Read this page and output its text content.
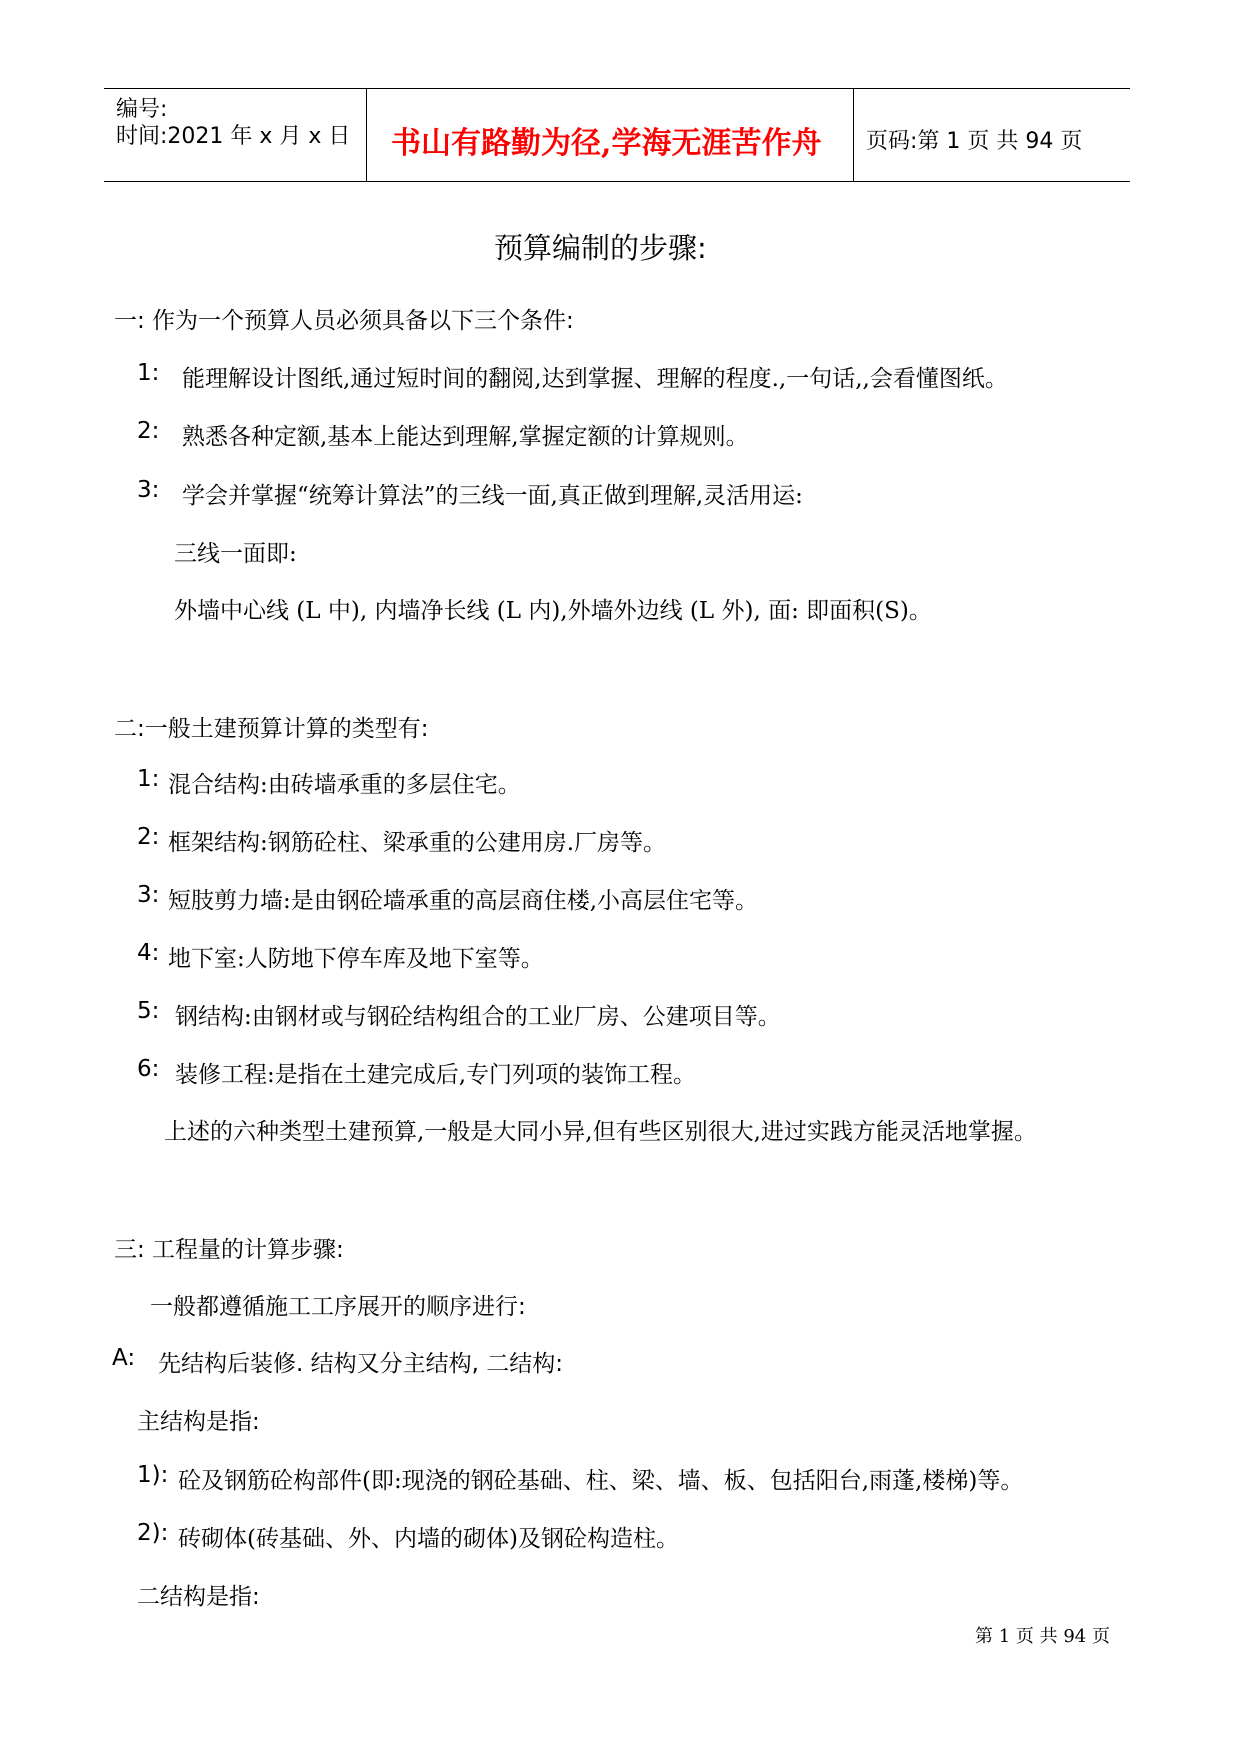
编号:
时间:2021 年 x 月 x 日 书山有路勤为径,学海无涯苦作舟 页码:第 1 页 共 94 页
预算编制的步骤:
一: 作为一个预算人员必须具备以下三个条件:
1: 能理解设计图纸,通过短时间的翻阅,达到掌握、理解的程度.,一句话,,会看懂图纸。
2: 熟悉各种定额,基本上能达到理解,掌握定额的计算规则。
3: 学会并掌握“统筹计算法”的三线一面,真正做到理解,灵活用运:
三线一面即:
外墙中心线 (L 中), 内墙净长线 (L 内),外墙外边线 (L 外), 面: 即面积(S)。
二:一般土建预算计算的类型有:
1: 混合结构:由砖墙承重的多层住宅。
2: 框架结构:钢筋砼柱、梁承重的公建用房.厂房等。
3: 短肢剪力墙:是由钢砼墙承重的高层商住楼,小高层住宅等。
4: 地下室:人防地下停车库及地下室等。
5: 钢结构:由钢材或与钢砼结构组合的工业厂房、公建项目等。
6: 装修工程:是指在土建完成后,专门列项的装饰工程。
上述的六种类型土建预算,一般是大同小异,但有些区别很大,进过实践方能灵活地掌握。
三: 工程量的计算步骤:
一般都遵循施工工序展开的顺序进行:
A: 先结构后装修. 结构又分主结构, 二结构:
主结构是指:
1): 砼及钢筋砼构部件(即:现浇的钢砼基础、柱、梁、墙、板、包括阳台,雨蓬,楼梯)等。
2): 砖砌体(砖基础、外、内墙的砌体)及钢砼构造柱。
二结构是指:
第 1 页 共 94 页
